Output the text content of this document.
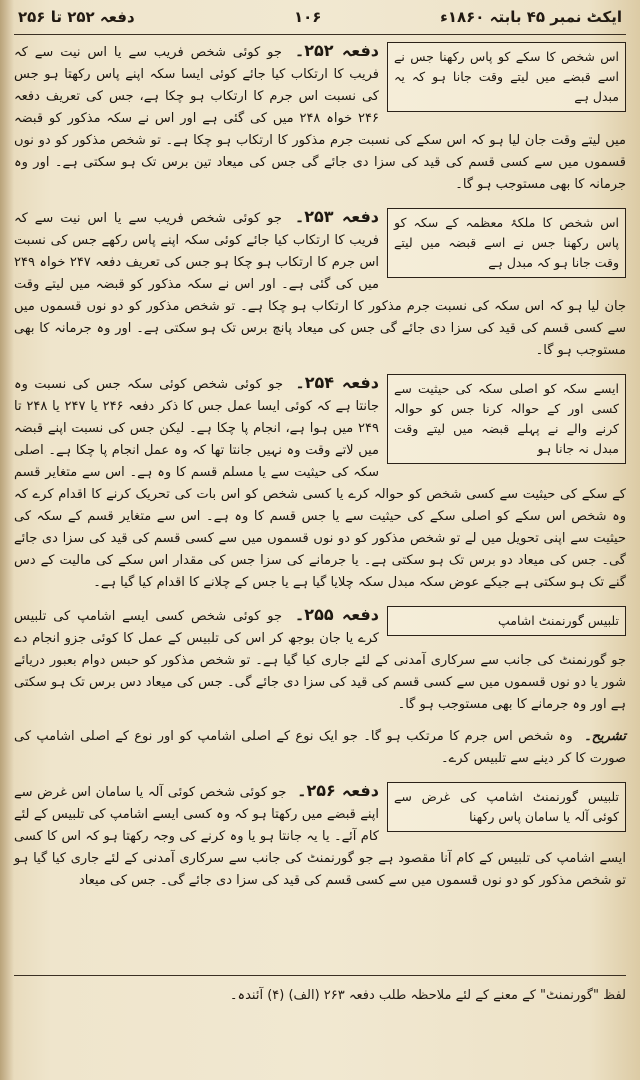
ایکٹ نمبر ۴۵ بابتہ ۱۸۶۰ء
۱۰۶
دفعہ ۲۵۲ تا ۲۵۶
اس شخص کا سکے کو پاس رکھنا جس نے اسے قبضے میں لیتے وقت جانا ہو کہ یہ مبدل ہے
دفعہ ۲۵۲۔ جو کوئی شخص فریب سے یا اس نیت سے کہ فریب کا ارتکاب کیا جائے کوئی ایسا سکہ اپنے پاس رکھتا ہو جس کی نسبت اس جرم کا ارتکاب ہو چکا ہے، جس کی تعریف دفعہ ۲۴۶ خواہ ۲۴۸ میں کی گئی ہے اور اس نے سکہ مذکور کو قبضہ میں لیتے وقت جان لیا ہو کہ اس سکے کی نسبت جرم مذکور کا ارتکاب ہو چکا ہے۔ تو شخص مذکور کو دو نوں قسموں میں سے کسی قسم کی قید کی سزا دی جائے گی جس کی میعاد تین برس تک ہو سکتی ہے۔ اور وہ جرمانہ کا بھی مستوجب ہو گا۔
اس شخص کا ملکۂ معظمہ کے سکہ کو پاس رکھنا جس نے اسے قبضہ میں لیتے وقت جانا ہو کہ مبدل ہے
دفعہ ۲۵۳۔ جو کوئی شخص فریب سے یا اس نیت سے کہ فریب کا ارتکاب کیا جائے کوئی سکہ اپنے پاس رکھے جس کی نسبت اس جرم کا ارتکاب ہو چکا ہو جس کی تعریف دفعہ ۲۴۷ خواہ ۲۴۹ میں کی گئی ہے۔ اور اس نے سکہ مذکور کو قبضہ میں لیتے وقت جان لیا ہو کہ اس سکہ کی نسبت جرم مذکور کا ارتکاب ہو چکا ہے۔ تو شخص مذکور کو دو نوں قسموں میں سے کسی قسم کی قید کی سزا دی جائے گی جس کی میعاد پانچ برس تک ہو سکتی ہے۔ اور وہ جرمانہ کا بھی مستوجب ہو گا۔
ایسے سکہ کو اصلی سکہ کی حیثیت سے کسی اور کے حوالہ کرنا جس کو حوالہ کرنے والے نے پہلے قبضہ میں لیتے وقت مبدل نہ جانا ہو
دفعہ ۲۵۴۔ جو کوئی شخص کوئی سکہ جس کی نسبت وہ جانتا ہے کہ کوئی ایسا عمل جس کا ذکر دفعہ ۲۴۶ یا ۲۴۷ یا ۲۴۸ تا ۲۴۹ میں ہوا ہے، انجام پا چکا ہے۔ لیکن جس کی نسبت اپنے قبضہ میں لاتے وقت وہ نہیں جانتا تھا کہ وہ عمل انجام پا چکا ہے۔ اصلی سکہ کی حیثیت سے یا مسلم قسم کا وہ ہے۔ اس سے متغایر قسم کے سکے کی حیثیت سے کسی شخص کو حوالہ کرے یا کسی شخص کو اس بات کی تحریک کرنے کا اقدام کرے کہ وہ شخص اس سکے کو اصلی سکے کی حیثیت سے یا جس قسم کا وہ ہے۔ اس سے متغایر قسم کے سکہ کی حیثیت سے اپنی تحویل میں لے تو شخص مذکور کو دو نوں قسموں میں سے کسی قسم کی قید کی سزا دی جائے گی۔ جس کی میعاد دو برس تک ہو سکتی ہے۔ یا جرمانے کی سزا جس کی مقدار اس سکے کی مالیت کے دس گنے تک ہو سکتی ہے جیکے عوض سکہ مبدل سکہ چلایا گیا ہے یا جس کے چلانے کا اقدام کیا گیا ہے۔
تلبیس گورنمنٹ اشامپ
دفعہ ۲۵۵۔ جو کوئی شخص کسی ایسے اشامپ کی تلبیس کرے یا جان بوجھ کر اس کی تلبیس کے عمل کا کوئی جزو انجام دے جو گورنمنٹ کی جانب سے سرکاری آمدنی کے لئے جاری کیا گیا ہے۔ تو شخص مذکور کو حبس دوام بعبور دریائے شور یا دو نوں قسموں میں سے کسی قسم کی قید کی سزا دی جائے گی۔ جس کی میعاد دس برس تک ہو سکتی ہے اور وہ جرمانے کا بھی مستوجب ہو گا۔
تشریح۔ وہ شخص اس جرم کا مرتکب ہو گا۔ جو ایک نوع کے اصلی اشامپ کو اور نوع کے اصلی اشامپ کی صورت کا کر دینے سے تلبیس کرے۔
تلبیس گورنمنٹ اشامپ کی غرض سے کوئی آلہ یا سامان پاس رکھنا
دفعہ ۲۵۶۔ جو کوئی شخص کوئی آلہ یا سامان اس غرض سے اپنے قبضے میں رکھتا ہو کہ وہ کسی ایسے اشامپ کی تلبیس کے لئے کام آئے۔ یا یہ جانتا ہو یا وہ کرنے کی وجہ رکھتا ہو کہ اس کا کسی ایسے اشامپ کی تلبیس کے کام آنا مقصود ہے جو گورنمنٹ کی جانب سے سرکاری آمدنی کے لئے جاری کیا گیا ہو تو شخص مذکور کو دو نوں قسموں میں سے کسی قسم کی قید کی سزا دی جائے گی۔ جس کی میعاد
لفظ "گورنمنٹ" کے معنے کے لئے ملاحظہ طلب دفعہ ۲۶۳ (الف) (۴) آئندہ۔
